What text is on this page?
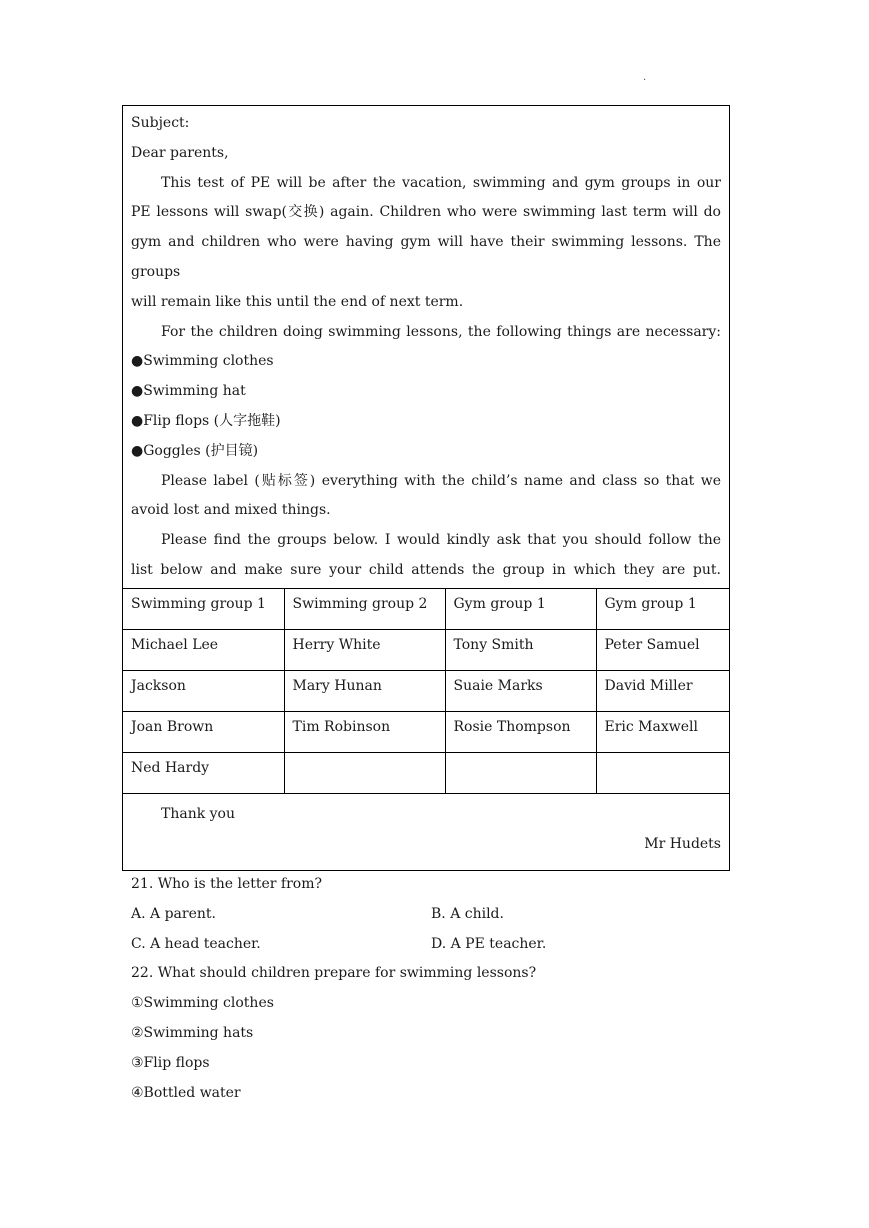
.
Subject:
Dear parents,
This test of PE will be after the vacation, swimming and gym groups in our
PE lessons will swap(交换) again. Children who were swimming last term will do
gym and children who were having gym will have their swimming lessons. The groups
will remain like this until the end of next term.
For the children doing swimming lessons, the following things are necessary:
●Swimming clothes
●Swimming hat
●Flip flops (人字拖鞋)
●Goggles (护目镜)
Please label (贴标签) everything with the child’s name and class so that we
avoid lost and mixed things.
Please find the groups below. I would kindly ask that you should follow the
list below and make sure your child attends the group in which they are put.
Swimming group 1	Swimming group 2	Gym group 1	Gym group 1
Michael Lee	Herry White	Tony Smith	Peter Samuel
Jackson	Mary Hunan	Suaie Marks	David Miller
Joan Brown	Tim Robinson	Rosie Thompson	Eric Maxwell
Ned Hardy			
Thank you
Mr Hudets
21. Who is the letter from?
A. A parent.	B. A child.
C. A head teacher.	D. A PE teacher.
22. What should children prepare for swimming lessons?
①Swimming clothes
②Swimming hats
③Flip flops
④Bottled water
